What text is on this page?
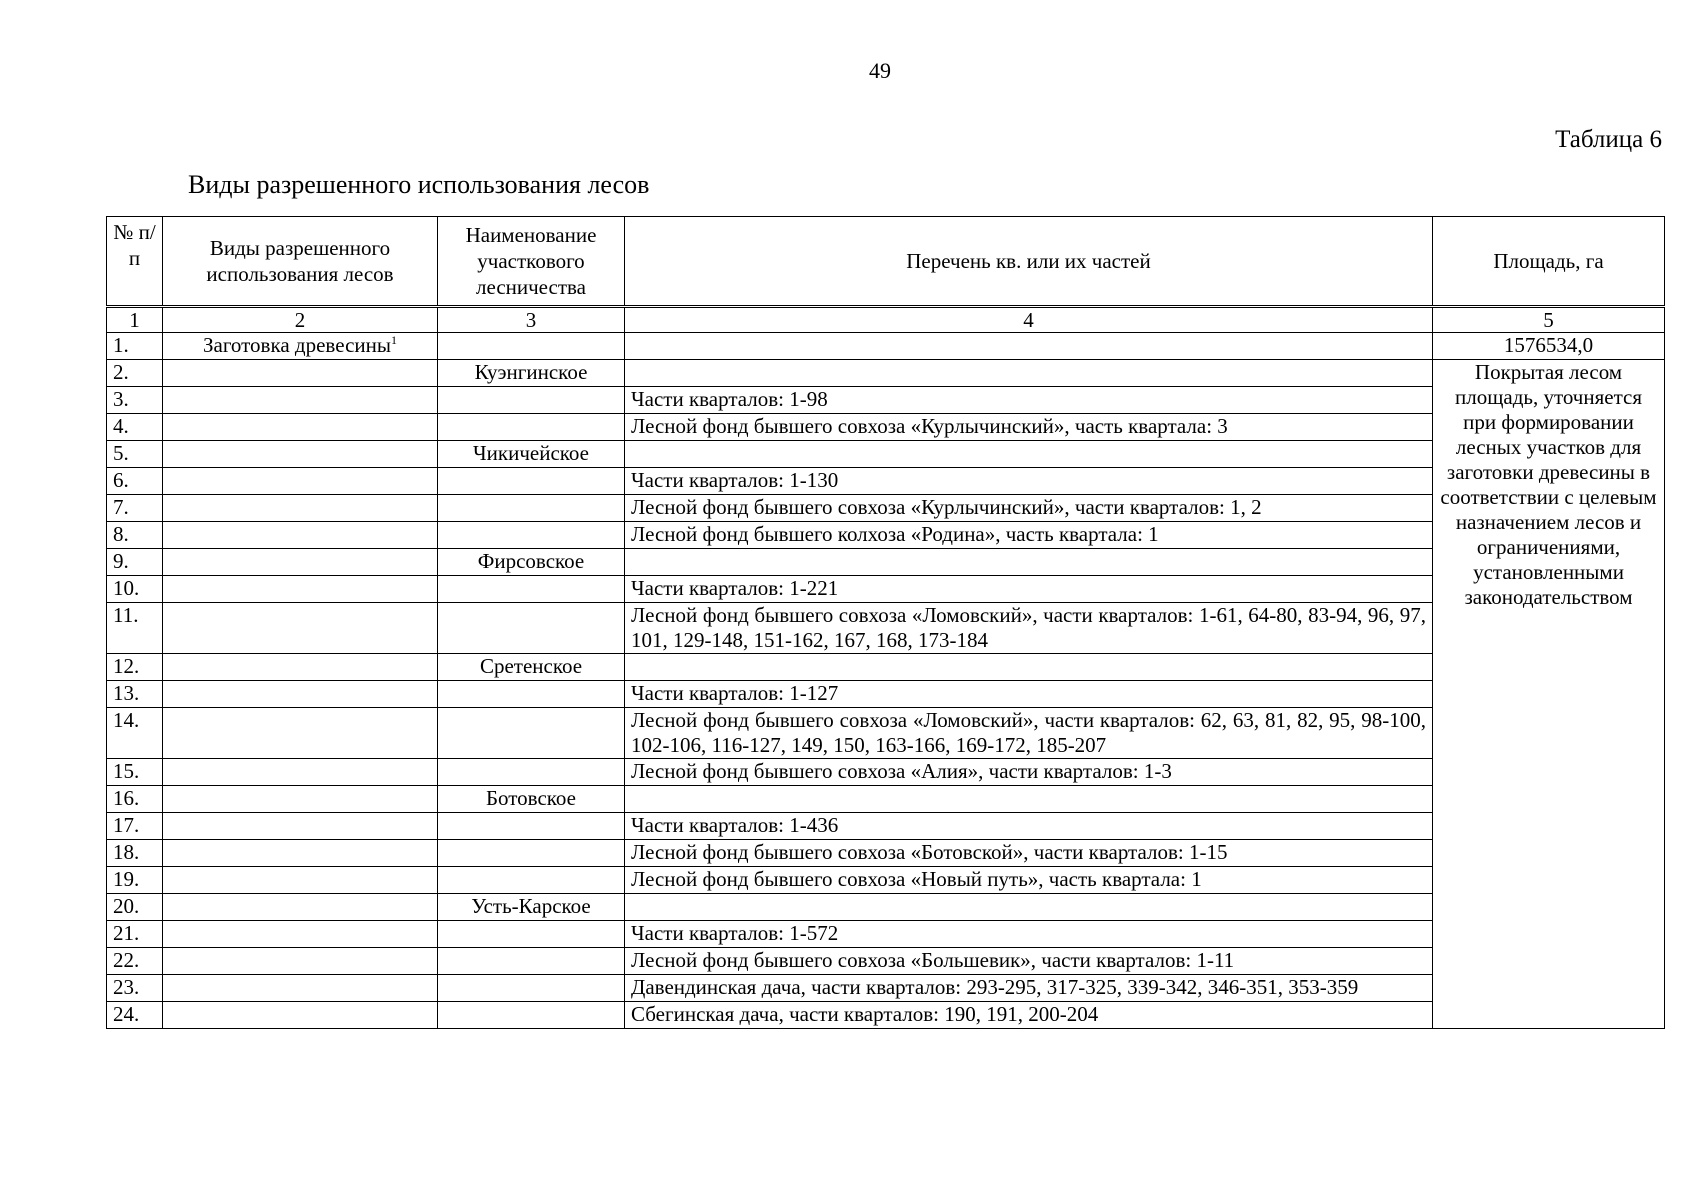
49
Таблица 6
Виды разрешенного использования лесов
№ п/п	Виды разрешенного использования лесов	Наименование участкового лесничества	Перечень кв. или их частей	Площадь, га
1	2	3	4	5
1.	Заготовка древесины$^1$			1576534,0
2.		Куэнгинское		Покрытая лесом площадь, уточняется при формировании лесных участков для заготовки древесины в соответствии с целевым назначением лесов и ограничениями, установленными законодательством
3.			Части кварталов: 1-98	
4.			Лесной фонд бывшего совхоза «Курлычинский», часть квартала: 3	
5.		Чикичейское		
6.			Части кварталов: 1-130	
7.			Лесной фонд бывшего совхоза «Курлычинский», части кварталов: 1, 2	
8.			Лесной фонд бывшего колхоза «Родина», часть квартала: 1	
9.		Фирсовское		
10.			Части кварталов: 1-221	
11.			Лесной фонд бывшего совхоза «Ломовский», части кварталов: 1-61, 64-80, 83-94, 96, 97, 101, 129-148, 151-162, 167, 168, 173-184	
12.		Сретенское		
13.			Части кварталов: 1-127	
14.			Лесной фонд бывшего совхоза «Ломовский», части кварталов: 62, 63, 81, 82, 95, 98-100, 102-106, 116-127, 149, 150, 163-166, 169-172, 185-207	
15.			Лесной фонд бывшего совхоза «Алия», части кварталов: 1-3	
16.		Ботовское		
17.			Части кварталов: 1-436	
18.			Лесной фонд бывшего совхоза «Ботовской», части кварталов: 1-15	
19.			Лесной фонд бывшего совхоза «Новый путь», часть квартала: 1	
20.		Усть-Карское		
21.			Части кварталов: 1-572	
22.			Лесной фонд бывшего совхоза «Большевик», части кварталов: 1-11	
23.			Давендинская дача, части кварталов: 293-295, 317-325, 339-342, 346-351, 353-359	
24.			Сбегинская дача, части кварталов: 190, 191, 200-204	
